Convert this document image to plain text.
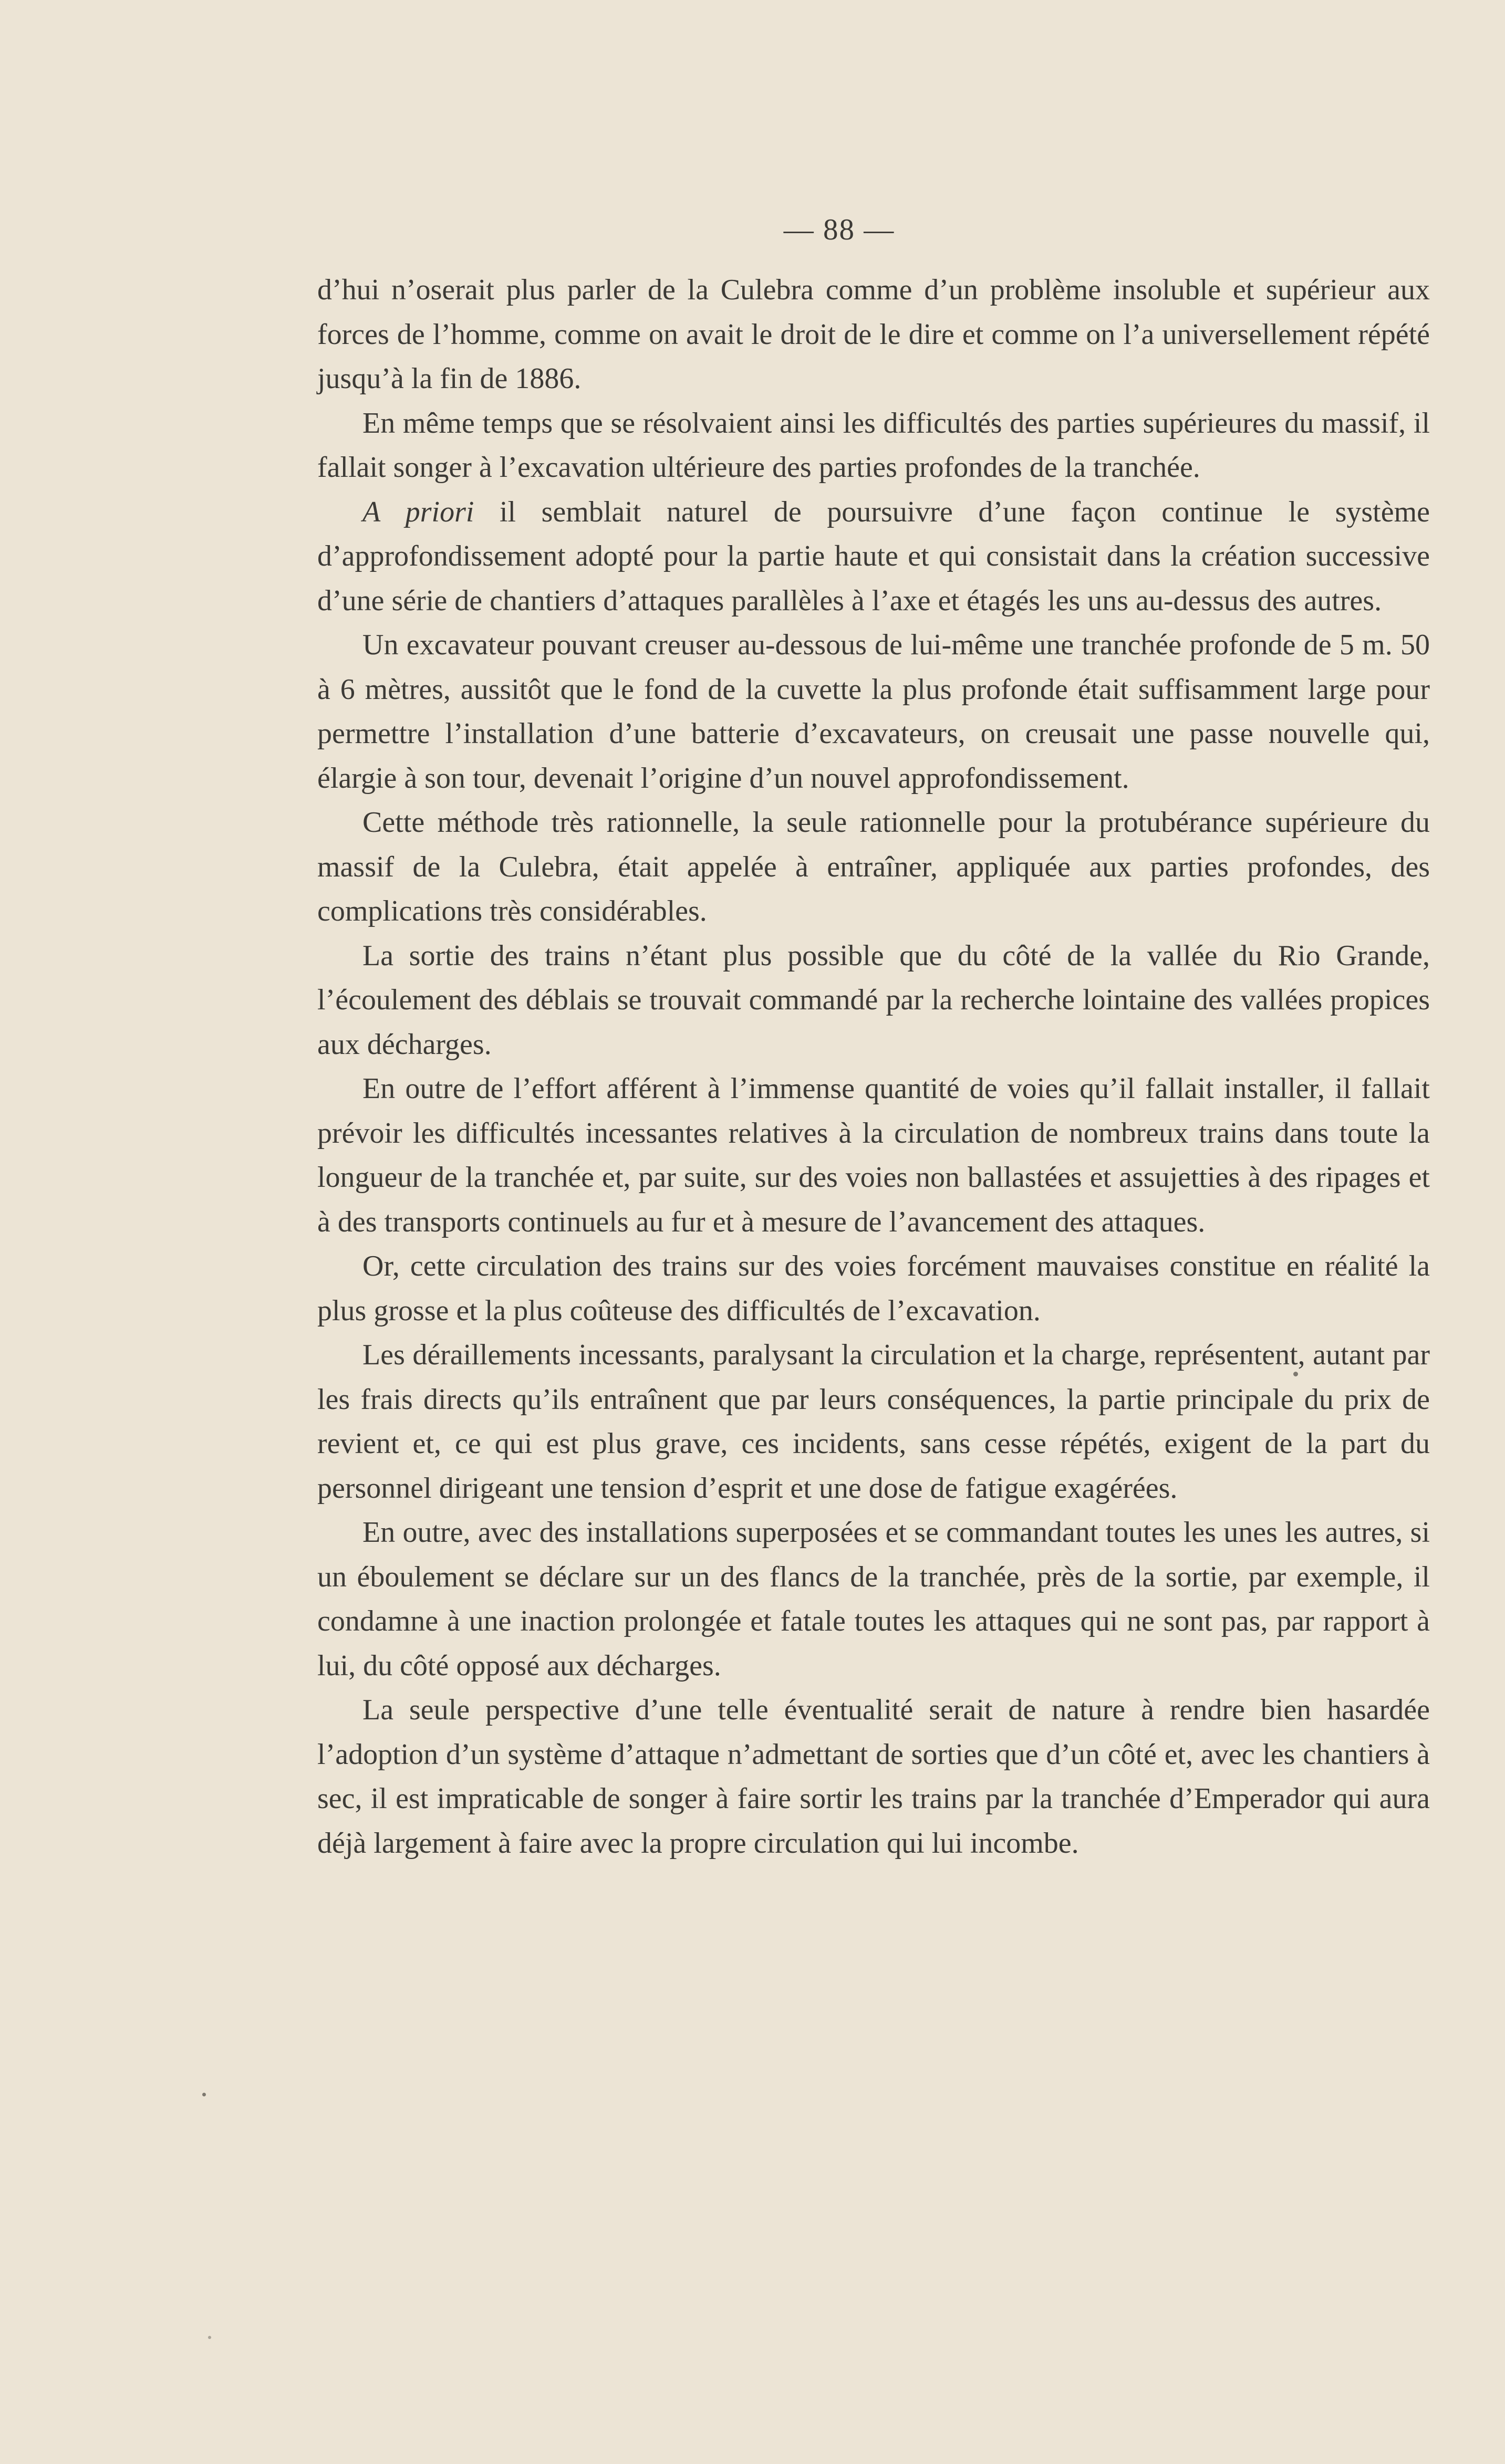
— 88 —

d’hui n’oserait plus parler de la Culebra comme d’un problème insoluble et supérieur aux forces de l’homme, comme on avait le droit de le dire et comme on l’a universellement répété jusqu’à la fin de 1886.

En même temps que se résolvaient ainsi les difficultés des parties supérieures du massif, il fallait songer à l’excavation ultérieure des parties profondes de la tranchée.

A priori il semblait naturel de poursuivre d’une façon continue le système d’approfondissement adopté pour la partie haute et qui consistait dans la création successive d’une série de chantiers d’attaques parallèles à l’axe et étagés les uns au-dessus des autres.

Un excavateur pouvant creuser au-dessous de lui-même une tranchée profonde de 5 m. 50 à 6 mètres, aussitôt que le fond de la cuvette la plus profonde était suffisamment large pour permettre l’installation d’une batterie d’excavateurs, on creusait une passe nouvelle qui, élargie à son tour, devenait l’origine d’un nouvel approfondissement.

Cette méthode très rationnelle, la seule rationnelle pour la protubérance supérieure du massif de la Culebra, était appelée à entraîner, appliquée aux parties profondes, des complications très considérables.

La sortie des trains n’étant plus possible que du côté de la vallée du Rio Grande, l’écoulement des déblais se trouvait commandé par la recherche lointaine des vallées propices aux décharges.

En outre de l’effort afférent à l’immense quantité de voies qu’il fallait installer, il fallait prévoir les difficultés incessantes relatives à la circulation de nombreux trains dans toute la longueur de la tranchée et, par suite, sur des voies non ballastées et assujetties à des ripages et à des transports continuels au fur et à mesure de l’avancement des attaques.

Or, cette circulation des trains sur des voies forcément mauvaises constitue en réalité la plus grosse et la plus coûteuse des difficultés de l’excavation.

Les déraillements incessants, paralysant la circulation et la charge, représentent, autant par les frais directs qu’ils entraînent que par leurs conséquences, la partie principale du prix de revient et, ce qui est plus grave, ces incidents, sans cesse répétés, exigent de la part du personnel dirigeant une tension d’esprit et une dose de fatigue exagérées.

En outre, avec des installations superposées et se commandant toutes les unes les autres, si un éboulement se déclare sur un des flancs de la tranchée, près de la sortie, par exemple, il condamne à une inaction prolongée et fatale toutes les attaques qui ne sont pas, par rapport à lui, du côté opposé aux décharges.

La seule perspective d’une telle éventualité serait de nature à rendre bien hasardée l’adoption d’un système d’attaque n’admettant de sorties que d’un côté et, avec les chantiers à sec, il est impraticable de songer à faire sortir les trains par la tranchée d’Emperador qui aura déjà largement à faire avec la propre circulation qui lui incombe.
